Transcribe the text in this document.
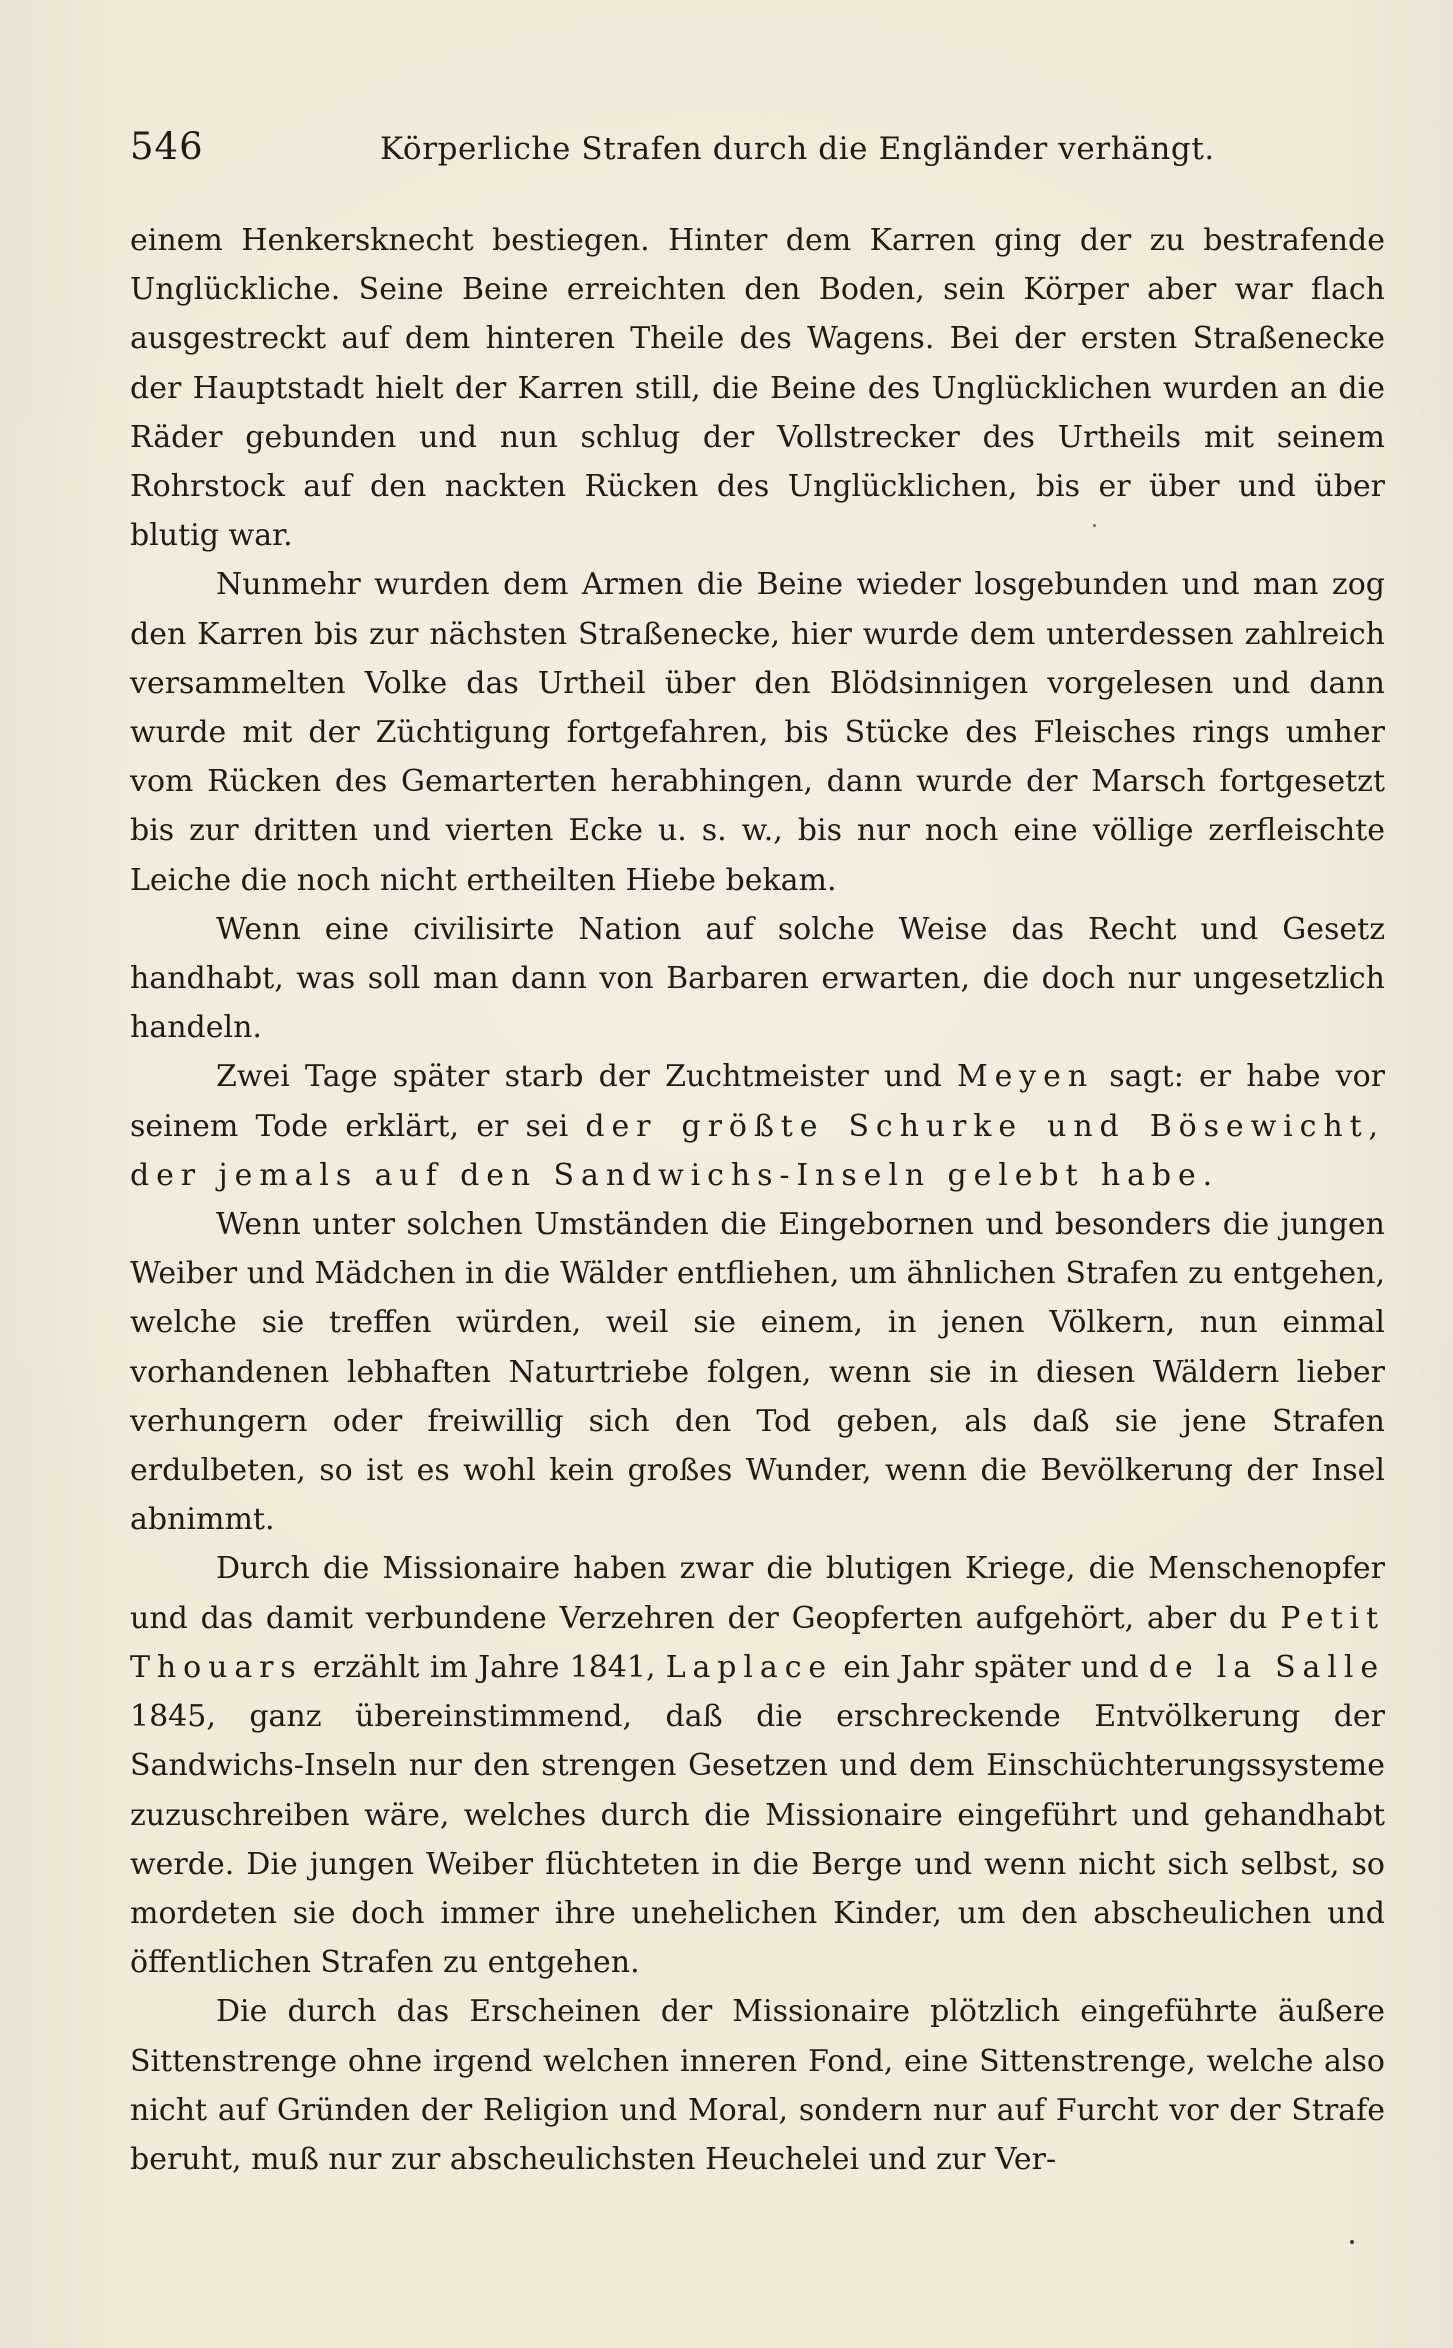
546	Körperliche Strafen durch die Engländer verhängt.

einem Henkersknecht bestiegen. Hinter dem Karren ging der zu bestrafende Unglückliche. Seine Beine erreichten den Boden, sein Körper aber war flach ausgestreckt auf dem hinteren Theile des Wagens. Bei der ersten Straßenecke der Hauptstadt hielt der Karren still, die Beine des Unglücklichen wurden an die Räder gebunden und nun schlug der Vollstrecker des Urtheils mit seinem Rohrstock auf den nackten Rücken des Unglücklichen, bis er über und über blutig war.

Nunmehr wurden dem Armen die Beine wieder losgebunden und man zog den Karren bis zur nächsten Straßenecke, hier wurde dem unterdessen zahlreich versammelten Volke das Urtheil über den Blödsinnigen vorgelesen und dann wurde mit der Züchtigung fortgefahren, bis Stücke des Fleisches rings umher vom Rücken des Gemarterten herabhingen, dann wurde der Marsch fortgesetzt bis zur dritten und vierten Ecke u. s. w., bis nur noch eine völlige zerfleischte Leiche die noch nicht ertheilten Hiebe bekam.

Wenn eine civilisirte Nation auf solche Weise das Recht und Gesetz handhabt, was soll man dann von Barbaren erwarten, die doch nur ungesetzlich handeln.

Zwei Tage später starb der Zuchtmeister und Meyen sagt: er habe vor seinem Tode erklärt, er sei der größte Schurke und Bösewicht, der jemals auf den Sandwichs-Inseln gelebt habe.

Wenn unter solchen Umständen die Eingebornen und besonders die jungen Weiber und Mädchen in die Wälder entfliehen, um ähnlichen Strafen zu entgehen, welche sie treffen würden, weil sie einem, in jenen Völkern, nun einmal vorhandenen lebhaften Naturtriebe folgen, wenn sie in diesen Wäldern lieber verhungern oder freiwillig sich den Tod geben, als daß sie jene Strafen erdulbeten, so ist es wohl kein großes Wunder, wenn die Bevölkerung der Insel abnimmt.

Durch die Missionaire haben zwar die blutigen Kriege, die Menschenopfer und das damit verbundene Verzehren der Geopferten aufgehört, aber du Petit Thouars erzählt im Jahre 1841, Laplace ein Jahr später und de la Salle 1845, ganz übereinstimmend, daß die erschreckende Entvölkerung der Sandwichs-Inseln nur den strengen Gesetzen und dem Einschüchterungssysteme zuzuschreiben wäre, welches durch die Missionaire eingeführt und gehandhabt werde. Die jungen Weiber flüchteten in die Berge und wenn nicht sich selbst, so mordeten sie doch immer ihre unehelichen Kinder, um den abscheulichen und öffentlichen Strafen zu entgehen.

Die durch das Erscheinen der Missionaire plötzlich eingeführte äußere Sittenstrenge ohne irgend welchen inneren Fond, eine Sittenstrenge, welche also nicht auf Gründen der Religion und Moral, sondern nur auf Furcht vor der Strafe beruht, muß nur zur abscheulichsten Heuchelei und zur Ver-
